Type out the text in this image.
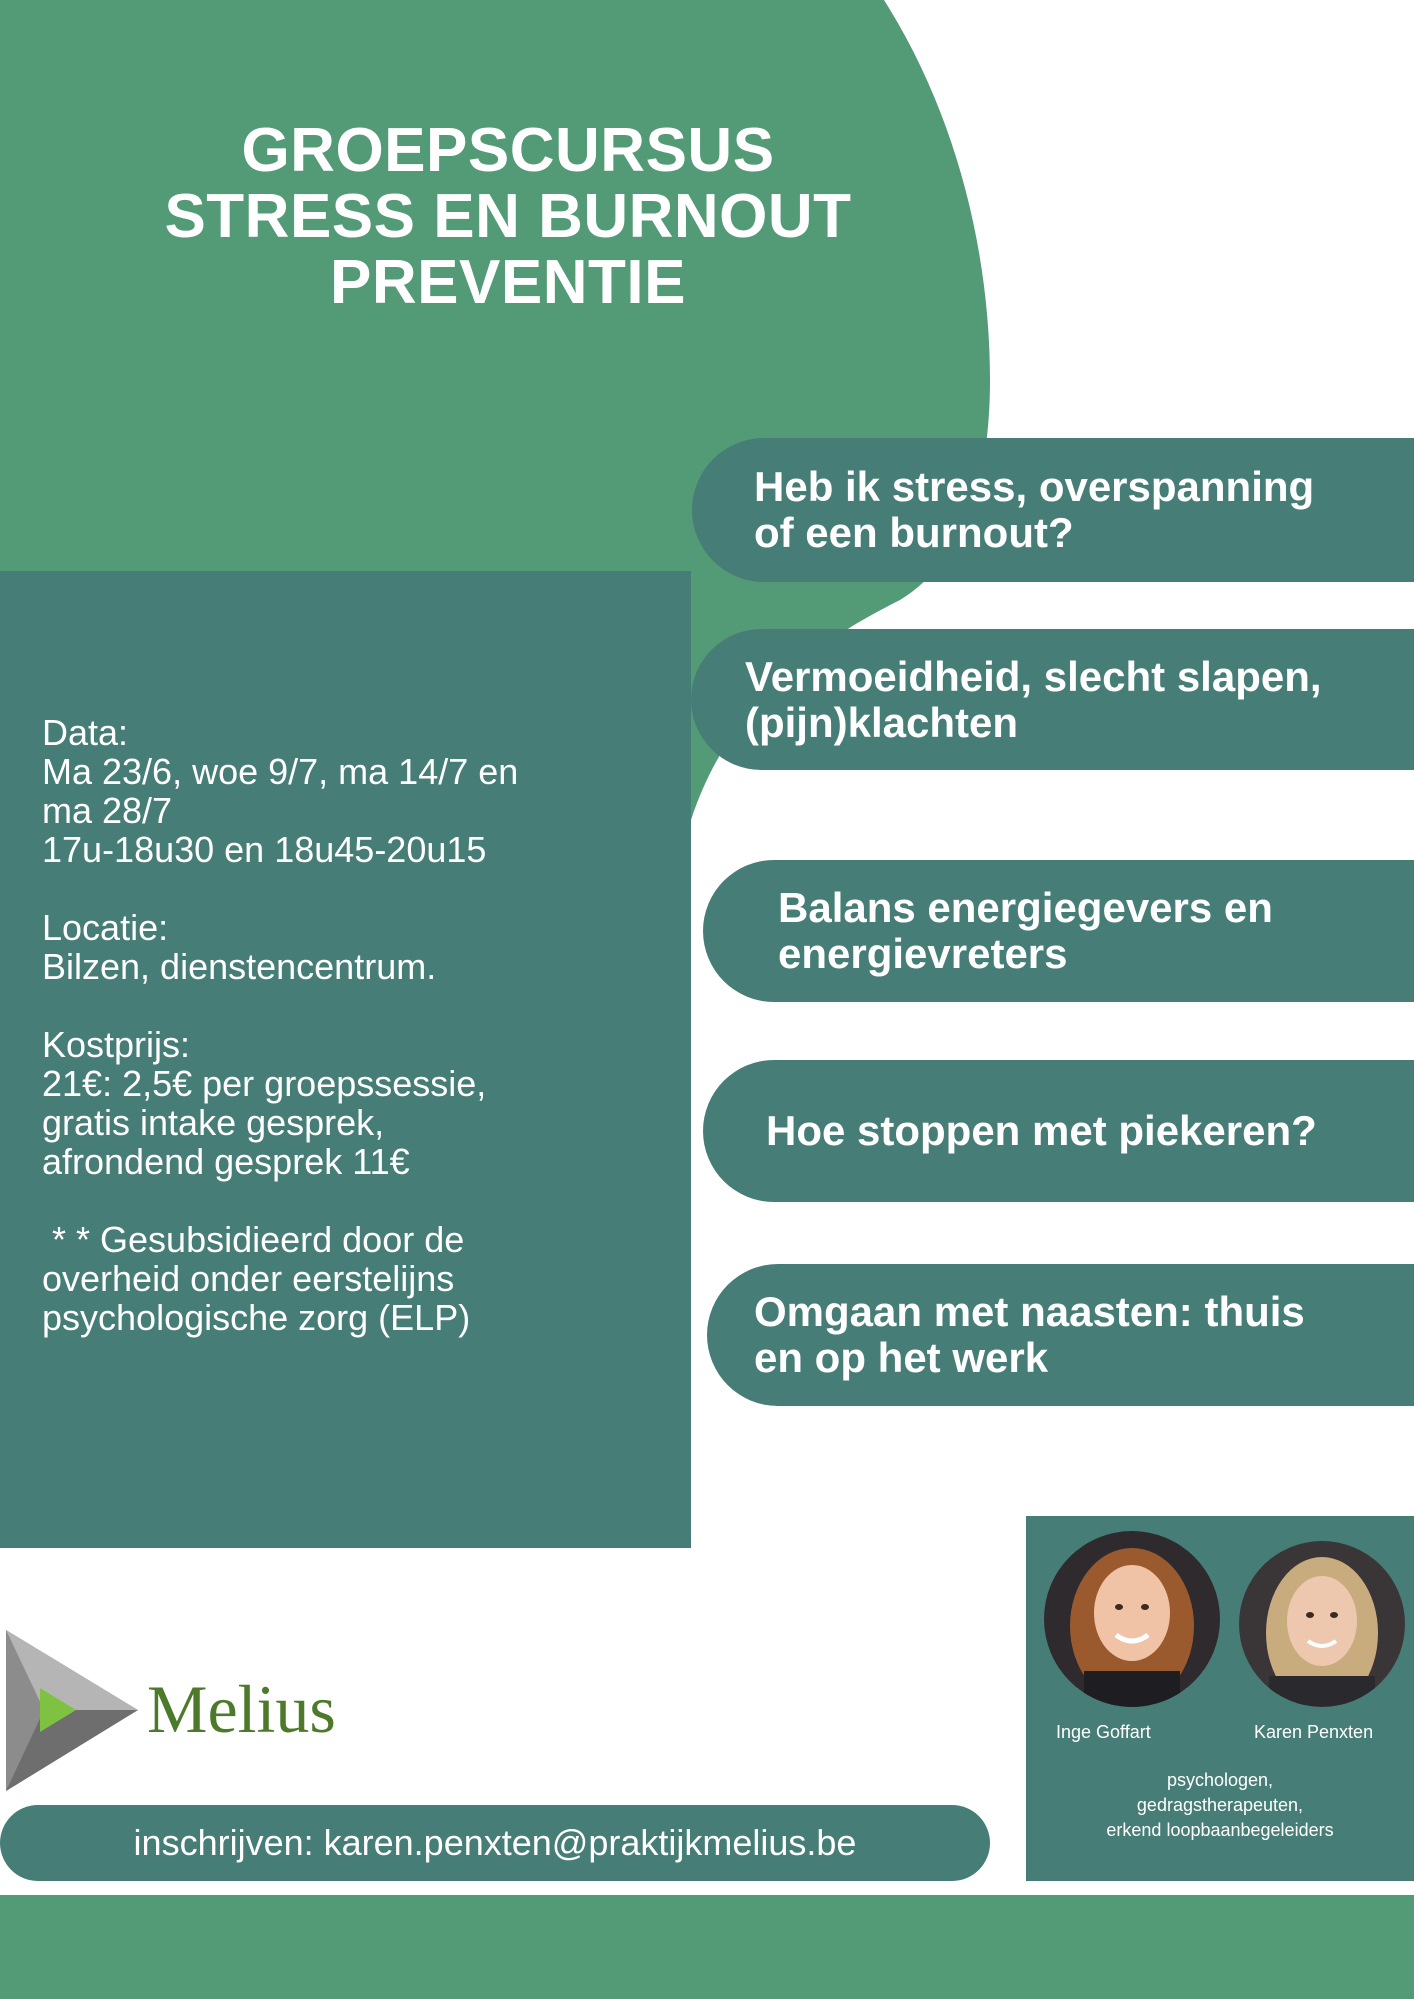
GROEPSCURSUS
STRESS EN BURNOUT
PREVENTIE
Data:
Ma 23/6, woe 9/7, ma 14/7 en
ma 28/7
17u-18u30 en 18u45-20u15
Locatie:
Bilzen, dienstencentrum.
Kostprijs:
21€: 2,5€ per groepssessie,
gratis intake gesprek,
afrondend gesprek 11€
* * Gesubsidieerd door de
overheid onder eerstelijns
psychologische zorg (ELP)
Heb ik stress, overspanning
of een burnout?
Vermoeidheid, slecht slapen,
(pijn)klachten
Balans energiegevers en
energievreters
Hoe stoppen met piekeren?
Omgaan met naasten: thuis
en op het werk
Melius
inschrijven: karen.penxten@praktijkmelius.be
Inge Goffart	Karen Penxten
psychologen,
gedragstherapeuten,
erkend loopbaanbegeleiders
